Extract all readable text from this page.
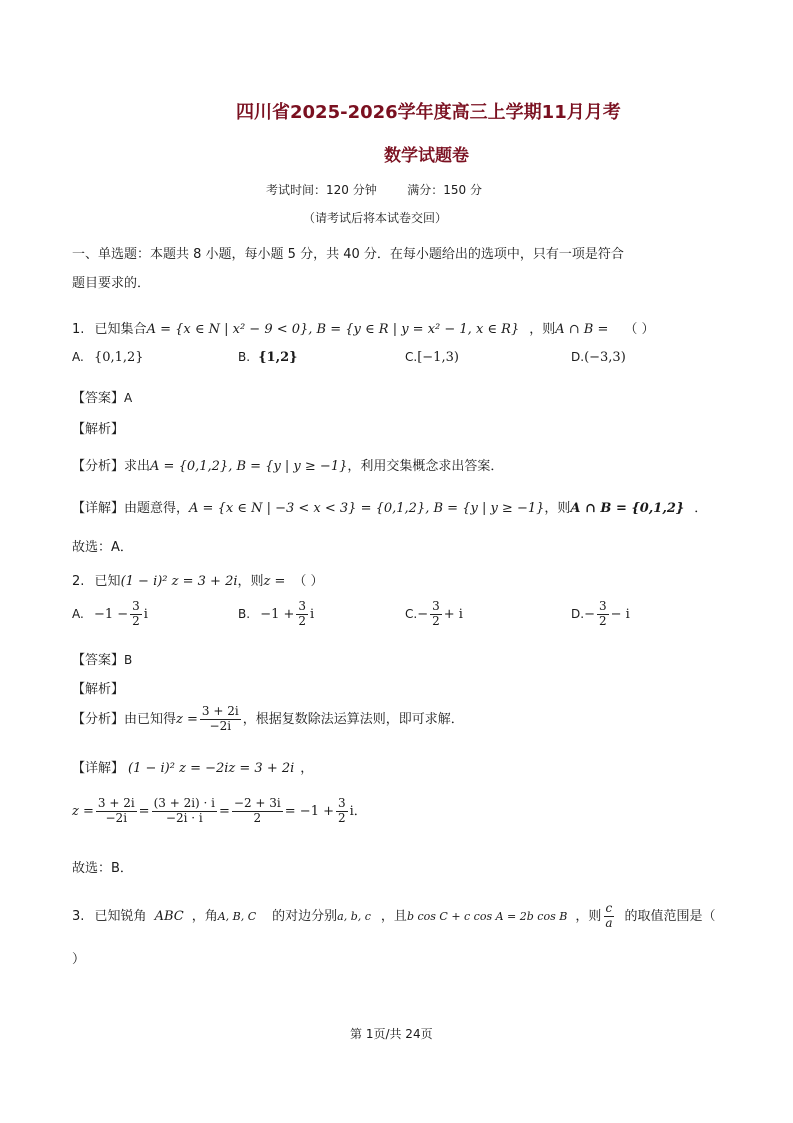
四川省2025-2026学年度高三上学期11月月考
数学试题卷
考试时间：120 分钟        满分：150 分
（请考试后将本试卷交回）
一、单选题：本题共 8 小题，每小题 5 分，共 40 分．在每小题给出的选项中，只有一项是符合
题目要求的．
1. 已知集合A = {x ∈ N | x² − 9 < 0}, B = {y ∈ R | y = x² − 1, x ∈ R} ，则A ∩ B = （ ）
A. {0,1,2}	B. {1,2}	C.[−1,3)	D.(−3,3)
【答案】A
【解析】
【分析】求出A = {0,1,2}, B = {y | y ≥ −1}，利用交集概念求出答案．
【详解】由题意得，A = {x ∈ N | −3 < x < 3} = {0,1,2}, B = {y | y ≥ −1}，则A ∩ B = {0,1,2} ．
故选：A．
2. 已知(1 − i)² z = 3 + 2i，则z = （ ）
A. $-1 - \frac{3}{2}$ i	B. $-1 + \frac{3}{2}$ i	$C.- \frac{3}{2} + i$	$D.- \frac{3}{2} - i$
【答案】B
【解析】
【分析】由已知得$z = \frac{3 + 2i}{-2i}$ ，根据复数除法运算法则，即可求解．
【详解】 (1 − i)² z = −2iz = 3 + 2i ，
$z = \frac{3 + 2i}{-2i} = \frac{(3 + 2i) \cdot i}{-2i \cdot i} = \frac{-2 + 3i}{2} = -1 + \frac{3}{2}$ i．
故选：B．
3. 已知锐角 ABC ，角A, B, C 的对边分别a, b, c ，且b cos C + c cos A = 2b cos B ，则 $\frac{c}{a}$ 的取值范围是（
）
第 1页/共 24页
